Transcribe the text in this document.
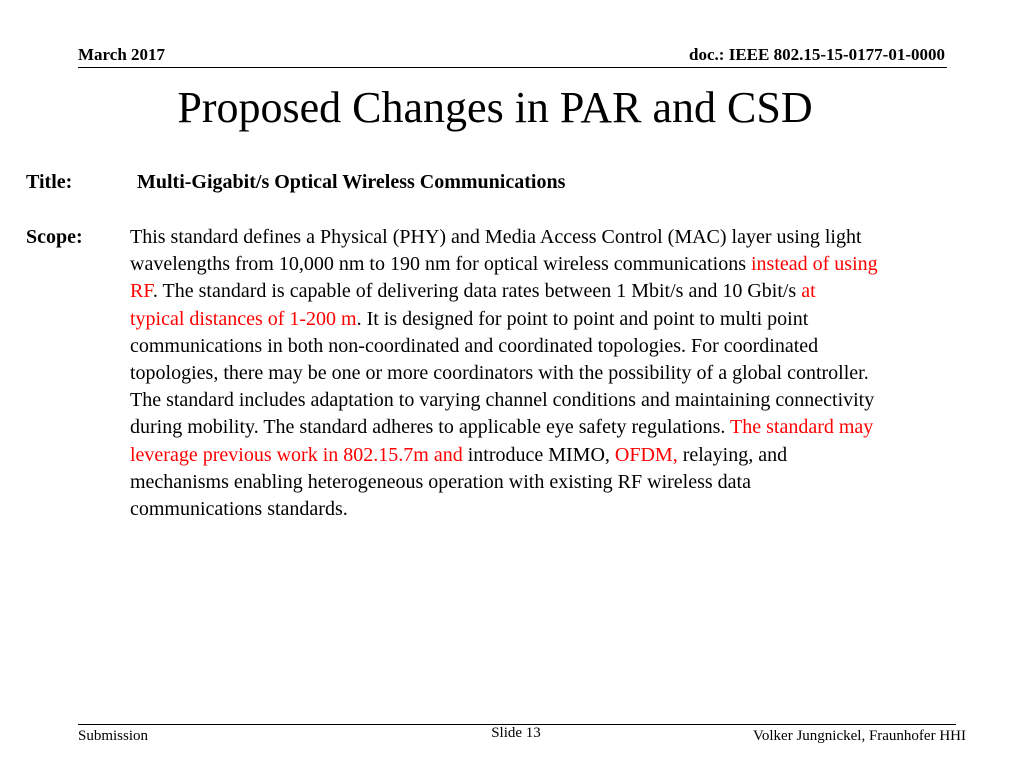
March 2017	doc.: IEEE 802.15-15-0177-01-0000
Proposed Changes in PAR and CSD
Title:	Multi-Gigabit/s Optical Wireless Communications
Scope: This standard defines a Physical (PHY) and Media Access Control (MAC) layer using light
wavelengths from 10,000 nm to 190 nm for optical wireless communications instead of using
RF. The standard is capable of delivering data rates between 1 Mbit/s and 10 Gbit/s at
typical distances of 1-200 m. It is designed for point to point and point to multi point
communications in both non-coordinated and coordinated topologies. For coordinated
topologies, there may be one or more coordinators with the possibility of a global controller.
The standard includes adaptation to varying channel conditions and maintaining connectivity
during mobility. The standard adheres to applicable eye safety regulations. The standard may
leverage previous work in 802.15.7m and introduce MIMO, OFDM, relaying, and
mechanisms enabling heterogeneous operation with existing RF wireless data
communications standards.
Submission	Slide 13	Volker Jungnickel, Fraunhofer HHI
